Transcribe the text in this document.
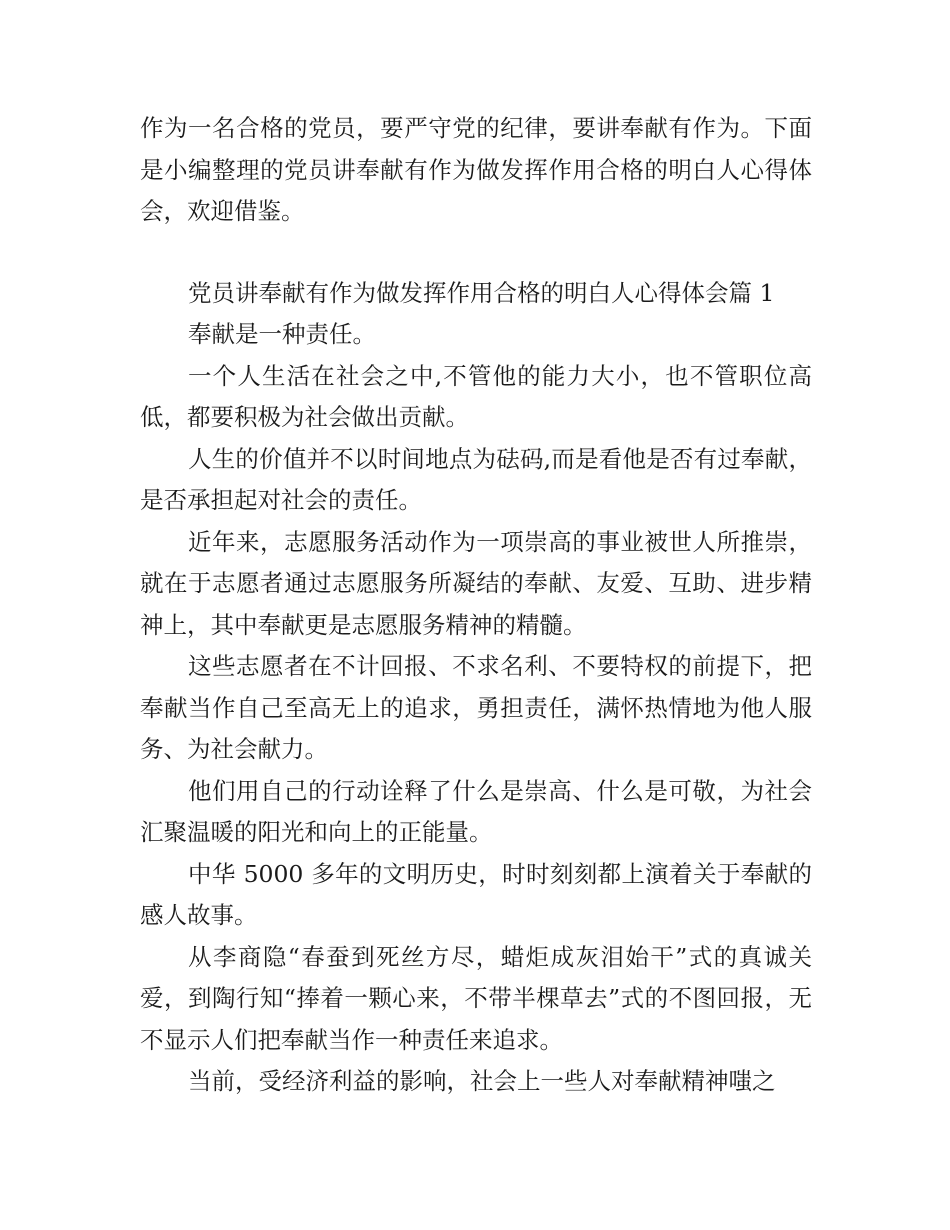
作为一名合格的党员，要严守党的纪律，要讲奉献有作为。下面是小编整理的党员讲奉献有作为做发挥作用合格的明白人心得体会，欢迎借鉴。

党员讲奉献有作为做发挥作用合格的明白人心得体会篇 1

奉献是一种责任。

一个人生活在社会之中,不管他的能力大小，也不管职位高低，都要积极为社会做出贡献。

人生的价值并不以时间地点为砝码,而是看他是否有过奉献，是否承担起对社会的责任。

近年来，志愿服务活动作为一项崇高的事业被世人所推崇，就在于志愿者通过志愿服务所凝结的奉献、友爱、互助、进步精神上，其中奉献更是志愿服务精神的精髓。

这些志愿者在不计回报、不求名利、不要特权的前提下，把奉献当作自己至高无上的追求，勇担责任，满怀热情地为他人服务、为社会献力。

他们用自己的行动诠释了什么是崇高、什么是可敬，为社会汇聚温暖的阳光和向上的正能量。

中华 5000 多年的文明历史，时时刻刻都上演着关于奉献的感人故事。

从李商隐“春蚕到死丝方尽，蜡炬成灰泪始干”式的真诚关爱，到陶行知“捧着一颗心来，不带半棵草去”式的不图回报，无不显示人们把奉献当作一种责任来追求。

当前，受经济利益的影响，社会上一些人对奉献精神嗤之
